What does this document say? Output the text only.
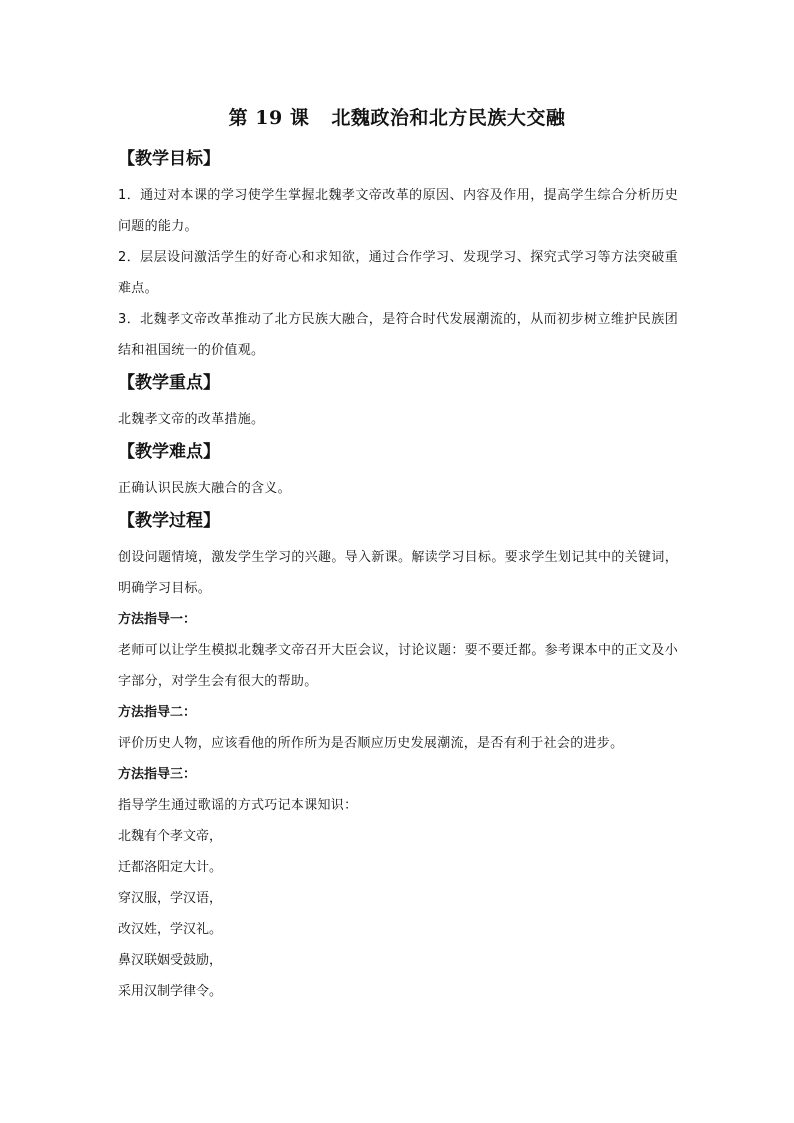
第 19 课 北魏政治和北方民族大交融
【教学目标】

1．通过对本课的学习使学生掌握北魏孝文帝改革的原因、内容及作用，提高学生综合分析历史问题的能力。

2．层层设问激活学生的好奇心和求知欲，通过合作学习、发现学习、探究式学习等方法突破重难点。

3．北魏孝文帝改革推动了北方民族大融合，是符合时代发展潮流的，从而初步树立维护民族团结和祖国统一的价值观。

【教学重点】

北魏孝文帝的改革措施。

【教学难点】

正确认识民族大融合的含义。

【教学过程】

创设问题情境，激发学生学习的兴趣。导入新课。解读学习目标。要求学生划记其中的关键词，明确学习目标。

方法指导一：

老师可以让学生模拟北魏孝文帝召开大臣会议，讨论议题：要不要迁都。参考课本中的正文及小字部分，对学生会有很大的帮助。

方法指导二：

评价历史人物，应该看他的所作所为是否顺应历史发展潮流，是否有利于社会的进步。

方法指导三：

指导学生通过歌谣的方式巧记本课知识：

北魏有个孝文帝，

迁都洛阳定大计。

穿汉服，学汉语，

改汉姓，学汉礼。

鼻汉联姻受鼓励，

采用汉制学律令。
